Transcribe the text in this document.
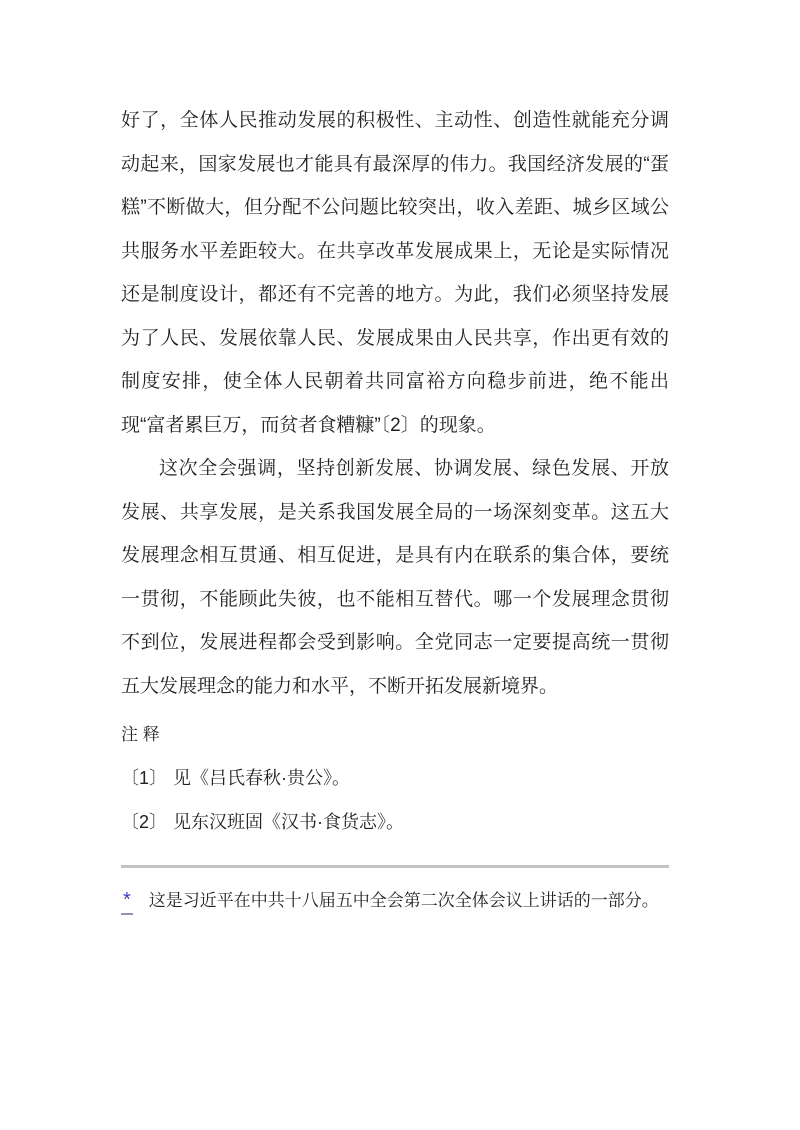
好了，全体人民推动发展的积极性、主动性、创造性就能充分调动起来，国家发展也才能具有最深厚的伟力。我国经济发展的“蛋糕”不断做大，但分配不公问题比较突出，收入差距、城乡区域公共服务水平差距较大。在共享改革发展成果上，无论是实际情况还是制度设计，都还有不完善的地方。为此，我们必须坚持发展为了人民、发展依靠人民、发展成果由人民共享，作出更有效的制度安排，使全体人民朝着共同富裕方向稳步前进，绝不能出现“富者累巨万，而贫者食糟糠”〔2〕的现象。

这次全会强调，坚持创新发展、协调发展、绿色发展、开放发展、共享发展，是关系我国发展全局的一场深刻变革。这五大发展理念相互贯通、相互促进，是具有内在联系的集合体，要统一贯彻，不能顾此失彼，也不能相互替代。哪一个发展理念贯彻不到位，发展进程都会受到影响。全党同志一定要提高统一贯彻五大发展理念的能力和水平，不断开拓发展新境界。

注 释
〔1〕 见《吕氏春秋·贵公》。
〔2〕 见东汉班固《汉书·食货志》。
* 这是习近平在中共十八届五中全会第二次全体会议上讲话的一部分。
